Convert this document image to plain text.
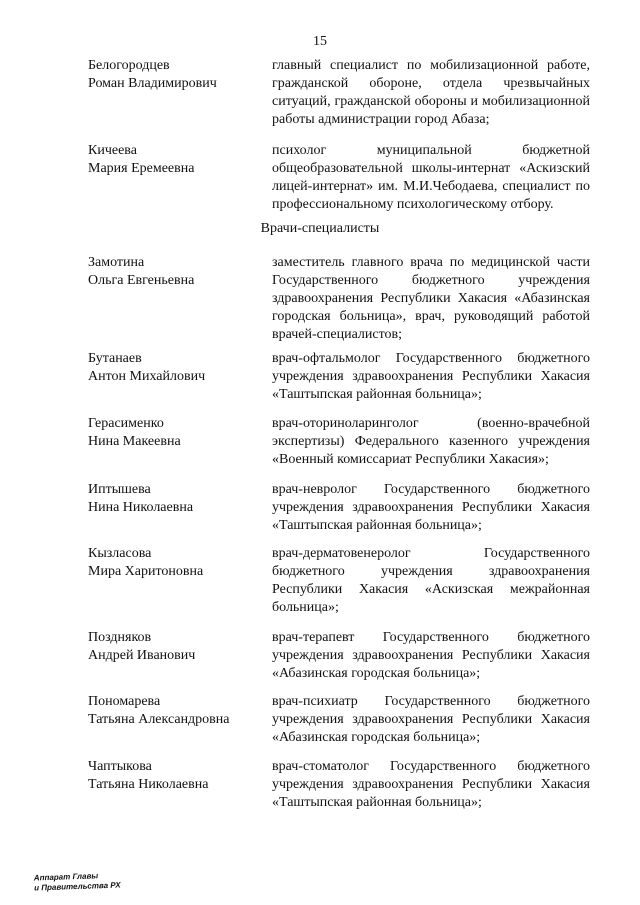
15
Белогородцев
Роман Владимирович
главный специалист по мобилизационной работе, гражданской обороне, отдела чрезвычайных ситуаций, гражданской обороны и мобилизационной работы администрации город Абаза;
Кичеева
Мария Еремеевна
психолог муниципальной бюджетной общеобразовательной школы-интернат «Аскизский лицей-интернат» им. М.И.Чебодаева, специалист по профессиональному психологическому отбору.
Врачи-специалисты
Замотина
Ольга Евгеньевна
заместитель главного врача по медицинской части Государственного бюджетного учреждения здравоохранения Республики Хакасия «Абазинская городская больница», врач, руководящий работой врачей-специалистов;
Бутанаев
Антон Михайлович
врач-офтальмолог Государственного бюджетного учреждения здравоохранения Республики Хакасия «Таштыпская районная больница»;
Герасименко
Нина Макеевна
врач-оториноларинголог (военно-врачебной экспертизы) Федерального казенного учреждения «Военный комиссариат Республики Хакасия»;
Иптышева
Нина Николаевна
врач-невролог Государственного бюджетного учреждения здравоохранения Республики Хакасия «Таштыпская районная больница»;
Кызласова
Мира Харитоновна
врач-дерматовенеролог Государственного бюджетного учреждения здравоохранения Республики Хакасия «Аскизская межрайонная больница»;
Поздняков
Андрей Иванович
врач-терапевт Государственного бюджетного учреждения здравоохранения Республики Хакасия «Абазинская городская больница»;
Пономарева
Татьяна Александровна
врач-психиатр Государственного бюджетного учреждения здравоохранения Республики Хакасия «Абазинская городская больница»;
Чаптыкова
Татьяна Николаевна
врач-стоматолог Государственного бюджетного учреждения здравоохранения Республики Хакасия «Таштыпская районная больница»;
Аппарат Главы
и Правительства РХ
